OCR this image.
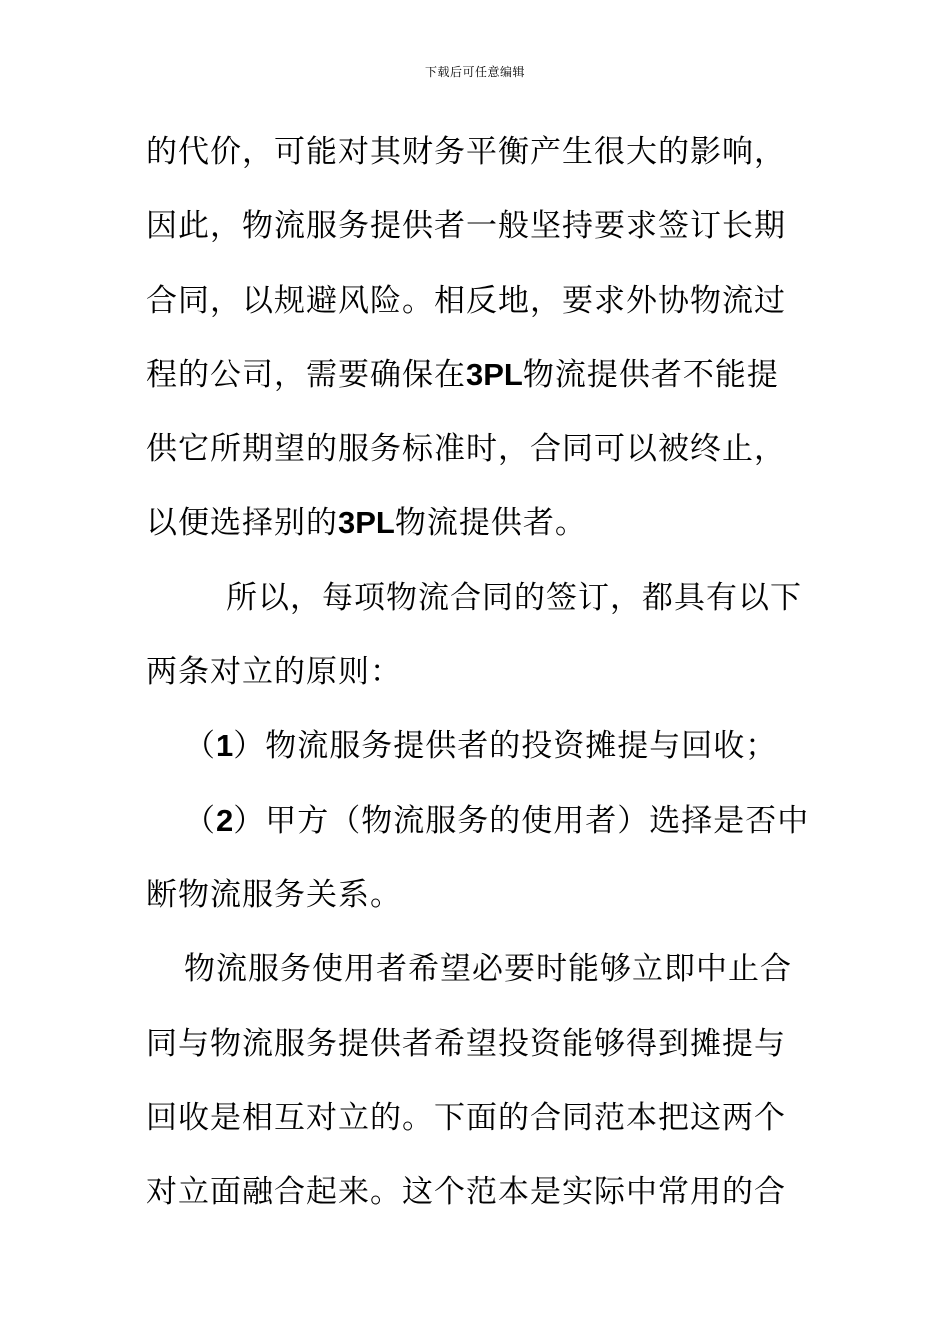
下载后可任意编辑
的代价，可能对其财务平衡产生很大的影响，
因此，物流服务提供者一般坚持要求签订长期
合同，以规避风险。相反地，要求外协物流过
程的公司，需要确保在3PL物流提供者不能提
供它所期望的服务标准时，合同可以被终止，
以便选择别的3PL物流提供者。
所以，每项物流合同的签订，都具有以下
两条对立的原则：
（1）物流服务提供者的投资摊提与回收；
（2）甲方（物流服务的使用者）选择是否中
断物流服务关系。
物流服务使用者希望必要时能够立即中止合
同与物流服务提供者希望投资能够得到摊提与
回收是相互对立的。下面的合同范本把这两个
对立面融合起来。这个范本是实际中常用的合
